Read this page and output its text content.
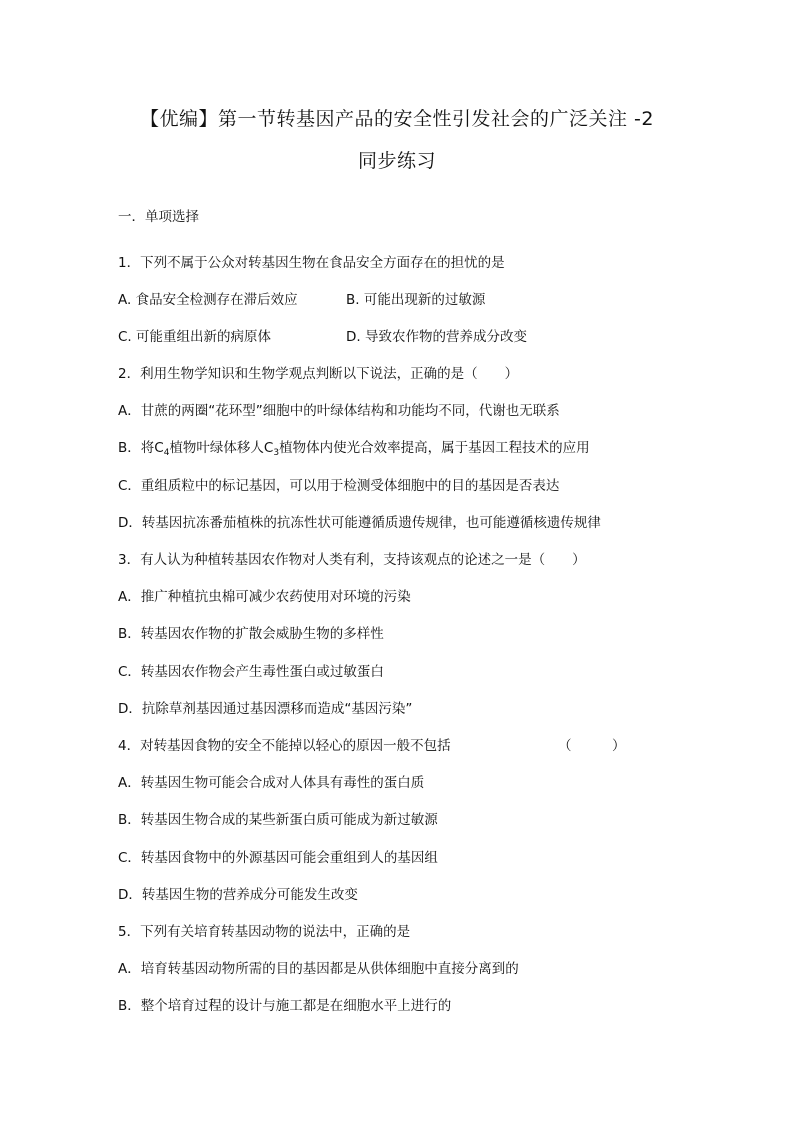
【优编】第一节转基因产品的安全性引发社会的广泛关注 -2
同步练习
一．单项选择
1．下列不属于公众对转基因生物在食品安全方面存在的担忧的是
A. 食品安全检测存在滞后效应	B. 可能出现新的过敏源
C. 可能重组出新的病原体	D. 导致农作物的营养成分改变
2．利用生物学知识和生物学观点判断以下说法，正确的是（　　）
A．甘蔗的两圈“花环型”细胞中的叶绿体结构和功能均不同，代谢也无联系
B．将$C_4$植物叶绿体移人$C_3$植物体内使光合效率提高，属于基因工程技术的应用
C．重组质粒中的标记基因，可以用于检测受体细胞中的目的基因是否表达
D．转基因抗冻番茄植株的抗冻性状可能遵循质遗传规律，也可能遵循核遗传规律
3．有人认为种植转基因农作物对人类有利，支持该观点的论述之一是（　　）
A．推广种植抗虫棉可减少农药使用对环境的污染
B．转基因农作物的扩散会威胁生物的多样性
C．转基因农作物会产生毒性蛋白或过敏蛋白
D．抗除草剂基因通过基因漂移而造成“基因污染”
4．对转基因食物的安全不能掉以轻心的原因一般不包括	（　　　）
A．转基因生物可能会合成对人体具有毒性的蛋白质
B．转基因生物合成的某些新蛋白质可能成为新过敏源
C．转基因食物中的外源基因可能会重组到人的基因组
D．转基因生物的营养成分可能发生改变
5．下列有关培育转基因动物的说法中，正确的是
A．培育转基因动物所需的目的基因都是从供体细胞中直接分离到的
B．整个培育过程的设计与施工都是在细胞水平上进行的
